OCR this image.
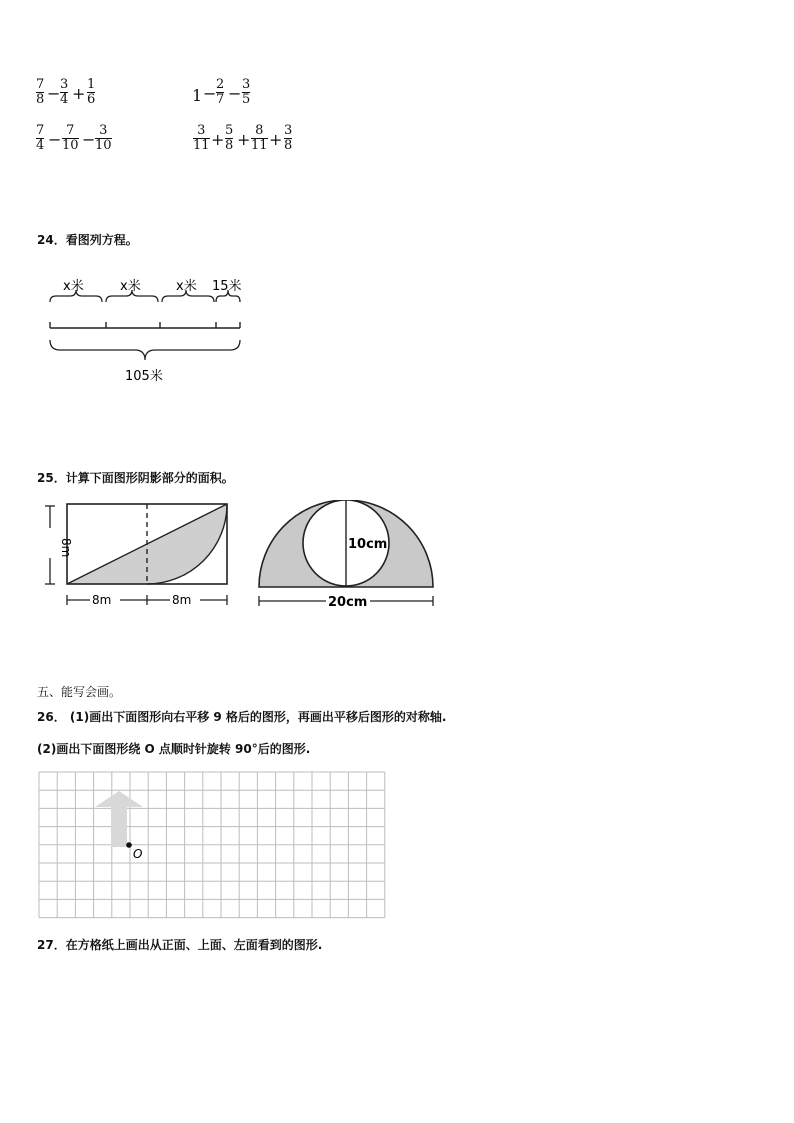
7
8 − 3
4 + 1
6	1 − 2
7 − 3
5
7
4 − 7
10 − 3
10
3
11 + 5
8 + 8
11 + 3
8
24．看图列方程。
x米	x米	x米 15米
105米
25．计算下面图形阴影部分的面积。
8m
8m	8m
10cm
20cm
五、能写会画。
26． (1)画出下面图形向右平移 9 格后的图形，再画出平移后图形的对称轴.
(2)画出下面图形绕 O 点顺时针旋转 90°后的图形.
O
27．在方格纸上画出从正面、上面、左面看到的图形.
